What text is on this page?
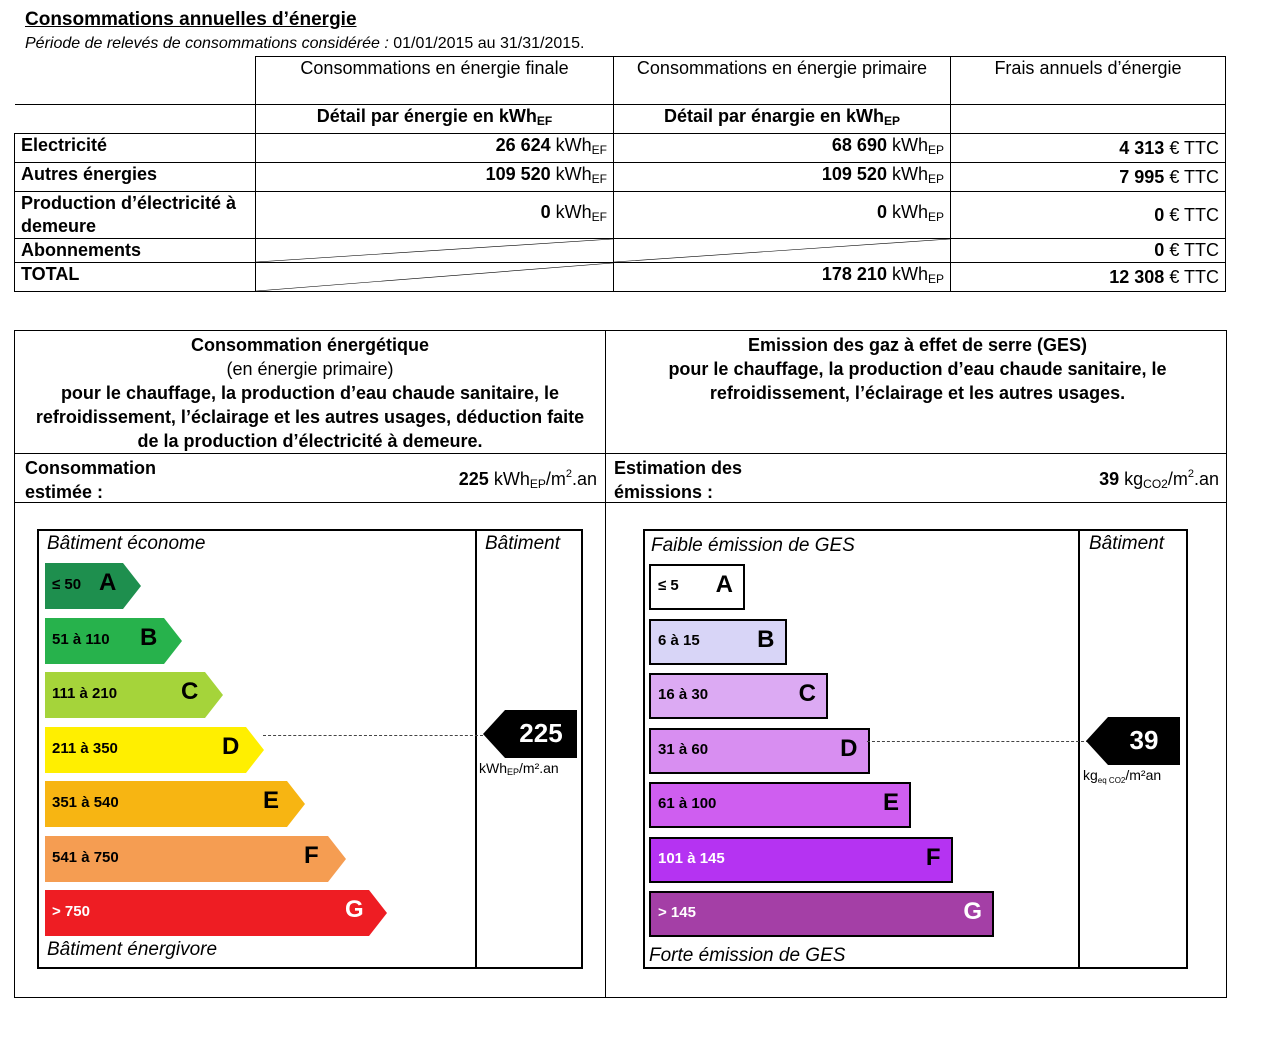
Consommations annuelles d’énergie
Période de relevés de consommations considérée : 01/01/2015 au 31/31/2015.
	Consommations en énergie finale	Consommations en énergie primaire	Frais annuels d’énergie
	Détail par énergie en kWh$_{EF}$	Détail par énargie en kWh$_{EP}$	
Electricité	26 624 kWhEF	68 690 kWhEP	4 313 € TTC
Autres énergies	109 520 kWhEF	109 520 kWhEP	7 995 € TTC
Production d’électricité à demeure	0 kWhEF	0 kWhEP	0 € TTC
Abonnements			0 € TTC
TOTAL		178 210 kWhEP	12 308 € TTC
Consommation énergétique
(en énergie primaire)

pour le chauffage, la production d’eau chaude sanitaire, le refroidissement, l’éclairage et les autres usages, déduction faite de la production d’électricité à demeure.
Emission des gaz à effet de serre (GES)

pour le chauffage, la production d’eau chaude sanitaire, le refroidissement, l’éclairage et les autres usages.
Consommation estimée :
225 kWhEP/$m^2.an$
Estimation des émissions :
39 $kgCO2/m^2.an$
Bâtiment économe	Bâtiment
Bâtiment énergivore
≤ 50 A
51 à 110 B
111 à 210	C
211 à 350	D
351 à 540	E
541 à 750	F
> 750	G
225
kWhEP/m².an
Faible émission de GES	Bâtiment
Forte émission de GES
≤ 5 A
6 à 15 B
16 à 30	C
31 à 60	D
61 à 100	E
101 à 145	F
> 145	G
39
$kg_{eq CO2}$/m²an
